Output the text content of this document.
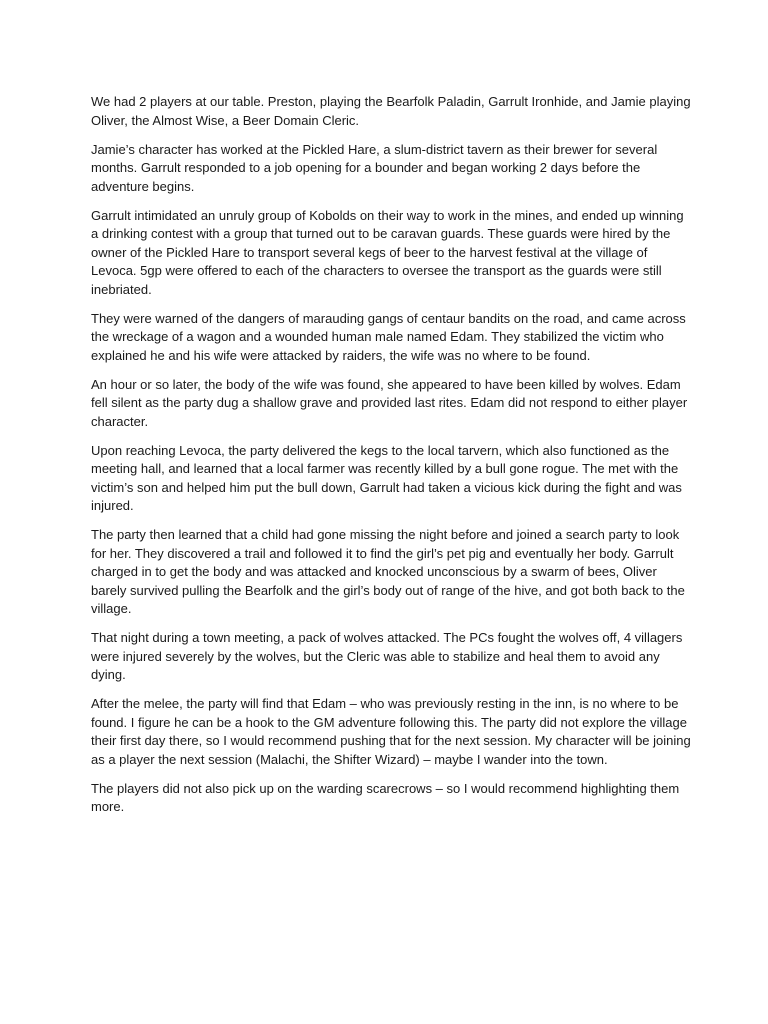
We had 2 players at our table. Preston, playing the Bearfolk Paladin, Garrult Ironhide, and Jamie playing Oliver, the Almost Wise, a Beer Domain Cleric.

Jamie’s character has worked at the Pickled Hare, a slum-district tavern as their brewer for several months. Garrult responded to a job opening for a bounder and began working 2 days before the adventure begins.

Garrult intimidated an unruly group of Kobolds on their way to work in the mines, and ended up winning a drinking contest with a group that turned out to be caravan guards. These guards were hired by the owner of the Pickled Hare to transport several kegs of beer to the harvest festival at the village of Levoca. 5gp were offered to each of the characters to oversee the transport as the guards were still inebriated.

They were warned of the dangers of marauding gangs of centaur bandits on the road, and came across the wreckage of a wagon and a wounded human male named Edam. They stabilized the victim who explained he and his wife were attacked by raiders, the wife was no where to be found.

An hour or so later, the body of the wife was found, she appeared to have been killed by wolves. Edam fell silent as the party dug a shallow grave and provided last rites. Edam did not respond to either player character.

Upon reaching Levoca, the party delivered the kegs to the local tarvern, which also functioned as the meeting hall, and learned that a local farmer was recently killed by a bull gone rogue. The met with the victim’s son and helped him put the bull down, Garrult had taken a vicious kick during the fight and was injured.

The party then learned that a child had gone missing the night before and joined a search party to look for her. They discovered a trail and followed it to find the girl’s pet pig and eventually her body. Garrult charged in to get the body and was attacked and knocked unconscious by a swarm of bees, Oliver barely survived pulling the Bearfolk and the girl’s body out of range of the hive, and got both back to the village.

That night during a town meeting, a pack of wolves attacked. The PCs fought the wolves off, 4 villagers were injured severely by the wolves, but the Cleric was able to stabilize and heal them to avoid any dying.

After the melee, the party will find that Edam – who was previously resting in the inn, is no where to be found. I figure he can be a hook to the GM adventure following this. The party did not explore the village their first day there, so I would recommend pushing that for the next session. My character will be joining as a player the next session (Malachi, the Shifter Wizard) – maybe I wander into the town.

The players did not also pick up on the warding scarecrows – so I would recommend highlighting them more.
